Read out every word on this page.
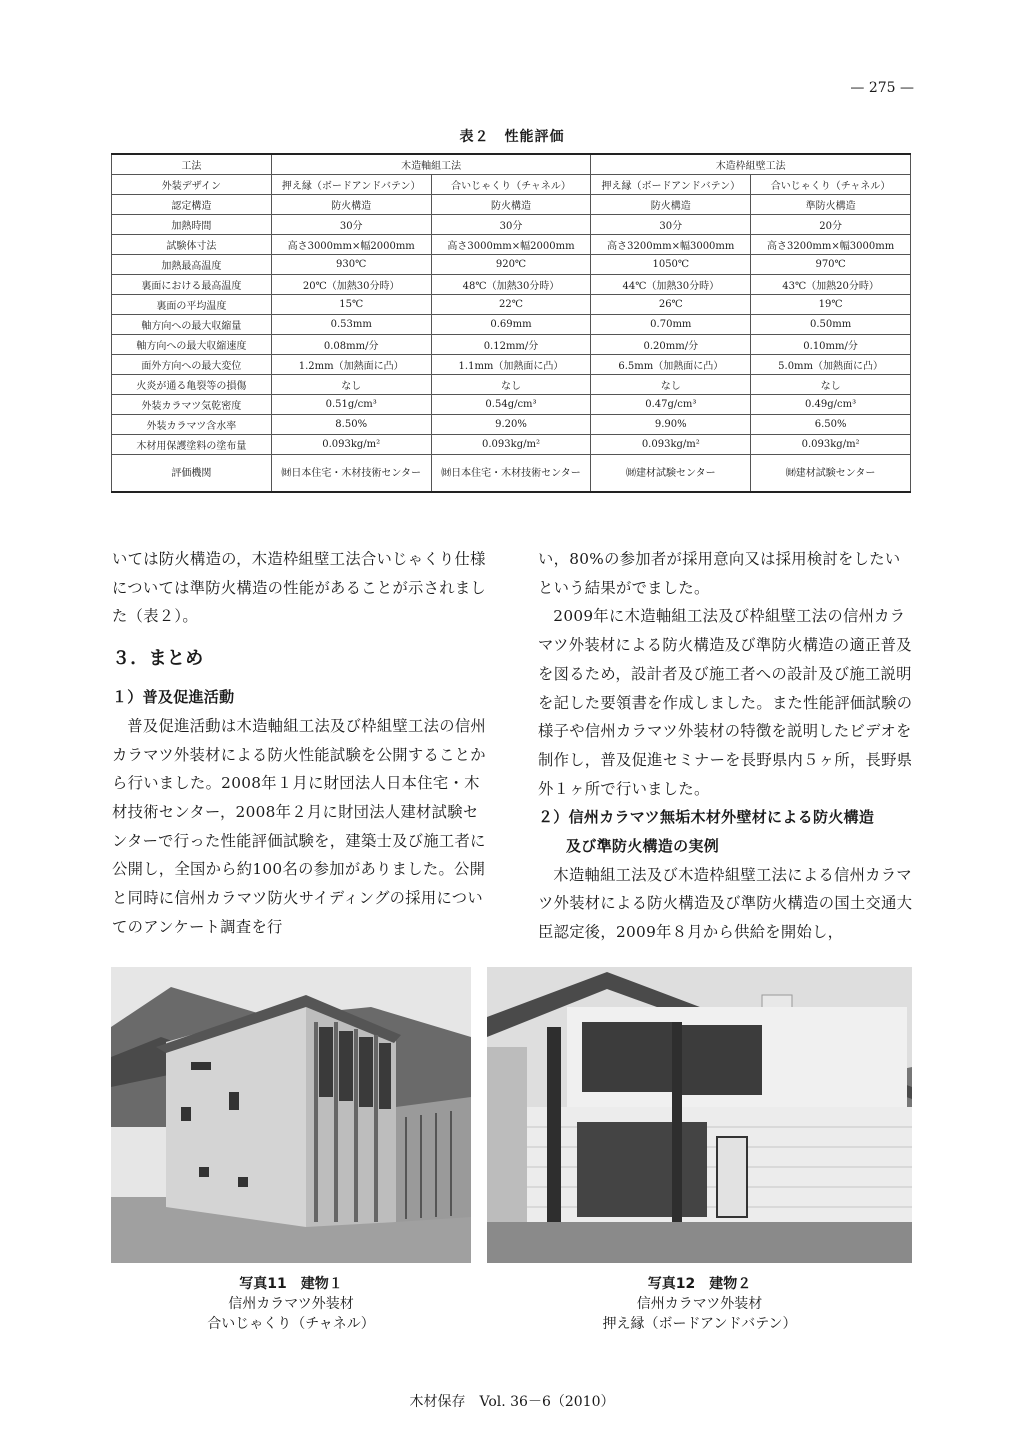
— 275 —
表２　性能評価
工法	木造軸組工法		木造枠組壁工法	
外装デザイン	押え縁（ボードアンドバテン）	合いじゃくり（チャネル）	押え縁（ボードアンドバテン）	合いじゃくり（チャネル）
認定構造	防火構造	防火構造	防火構造	準防火構造
加熱時間	30分	30分	30分	20分
試験体寸法	高さ3000mm×幅2000mm	高さ3000mm×幅2000mm	高さ3200mm×幅3000mm	高さ3200mm×幅3000mm
加熱最高温度	930℃	920℃	1050℃	970℃
裏面における最高温度	20℃（加熱30分時）	48℃（加熱30分時）	44℃（加熱30分時）	43℃（加熱20分時）
裏面の平均温度	15℃	22℃	26℃	19℃
軸方向への最大収縮量	0.53mm	0.69mm	0.70mm	0.50mm
軸方向への最大収縮速度	0.08mm/分	0.12mm/分	0.20mm/分	0.10mm/分
面外方向への最大変位	1.2mm（加熱面に凸）	1.1mm（加熱面に凸）	6.5mm（加熱面に凸）	5.0mm（加熱面に凸）
火炎が通る亀裂等の損傷	なし	なし	なし	なし
外装カラマツ気乾密度	0.51g/cm³	0.54g/cm³	0.47g/cm³	0.49g/cm³
外装カラマツ含水率	8.50%	9.20%	9.90%	6.50%
木材用保護塗料の塗布量	0.093kg/m²	0.093kg/m²	0.093kg/m²	0.093kg/m²
評価機関	㈶日本住宅・木材技術センター	㈶日本住宅・木材技術センター	㈶建材試験センター	㈶建材試験センター

いては防火構造の，木造枠組壁工法合いじゃくり仕様については準防火構造の性能があることが示されました（表２）。

３．まとめ
１）普及促進活動

普及促進活動は木造軸組工法及び枠組壁工法の信州カラマツ外装材による防火性能試験を公開することから行いました。2008年１月に財団法人日本住宅・木材技術センター，2008年２月に財団法人建材試験センターで行った性能評価試験を，建築士及び施工者に公開し，全国から約100名の参加がありました。公開と同時に信州カラマツ防火サイディングの採用についてのアンケート調査を行

い，80%の参加者が採用意向又は採用検討をしたいという結果がでました。

2009年に木造軸組工法及び枠組壁工法の信州カラマツ外装材による防火構造及び準防火構造の適正普及を図るため，設計者及び施工者への設計及び施工説明を記した要領書を作成しました。また性能評価試験の様子や信州カラマツ外装材の特徴を説明したビデオを制作し，普及促進セミナーを長野県内５ヶ所，長野県外１ヶ所で行いました。

２）信州カラマツ無垢木材外壁材による防火構造
及び準防火構造の実例

木造軸組工法及び木造枠組壁工法による信州カラマツ外装材による防火構造及び準防火構造の国土交通大臣認定後，2009年８月から供給を開始し，

写真11　建物１
信州カラマツ外装材
合いじゃくり（チャネル）
写真12　建物２
信州カラマツ外装材
押え縁（ボードアンドバテン）
木材保存　Vol. 36－6（2010）
